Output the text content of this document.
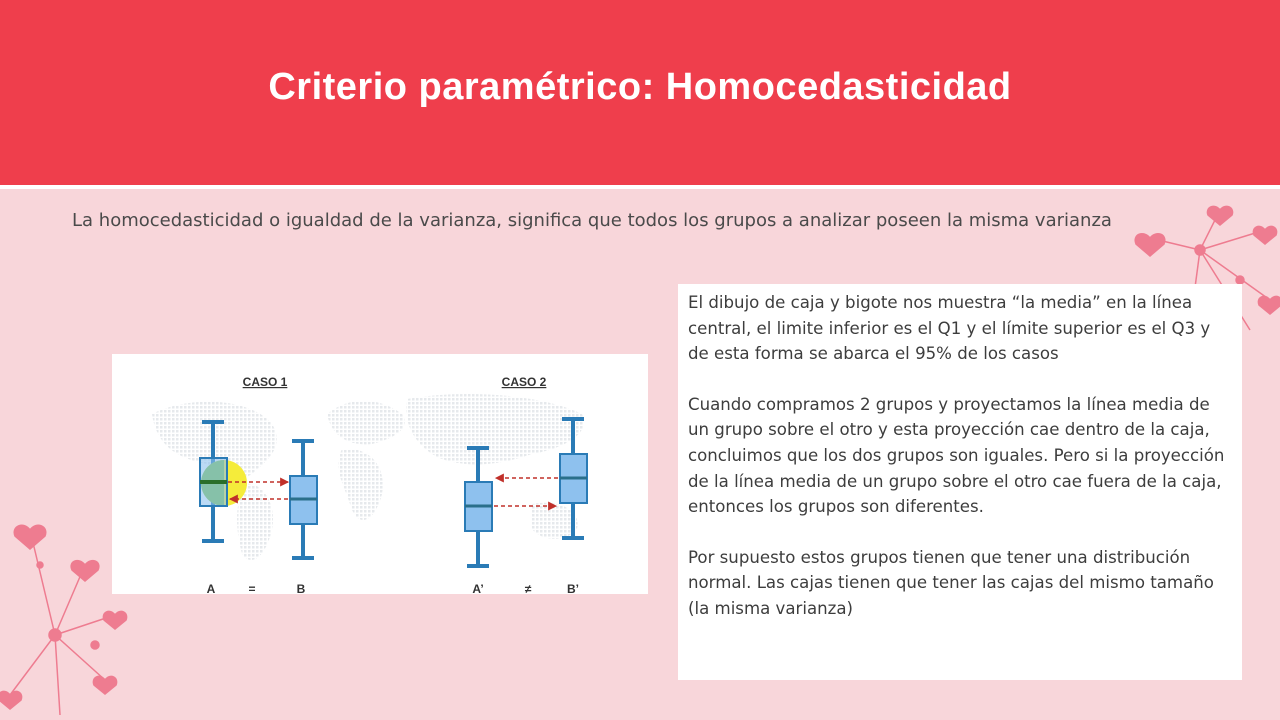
Criterio paramétrico: Homocedasticidad
La homocedasticidad o igualdad de la varianza, significa que todos los grupos a analizar poseen la misma varianza
CASO 1	CASO 2
A	=	B	A’	≠	B’

El dibujo de caja y bigote nos muestra “la media” en la línea central, el limite inferior es el Q1 y el límite superior es el Q3 y de esta forma se abarca el 95% de los casos

Cuando compramos 2 grupos y proyectamos la línea media de un grupo sobre el otro y esta proyección cae dentro de la caja, concluimos que los dos grupos son iguales. Pero si la proyección de la línea media de un grupo sobre el otro cae fuera de la caja, entonces los grupos son diferentes.

Por supuesto estos grupos tienen que tener una distribución normal. Las cajas tienen que tener las cajas del mismo tamaño (la misma varianza)
